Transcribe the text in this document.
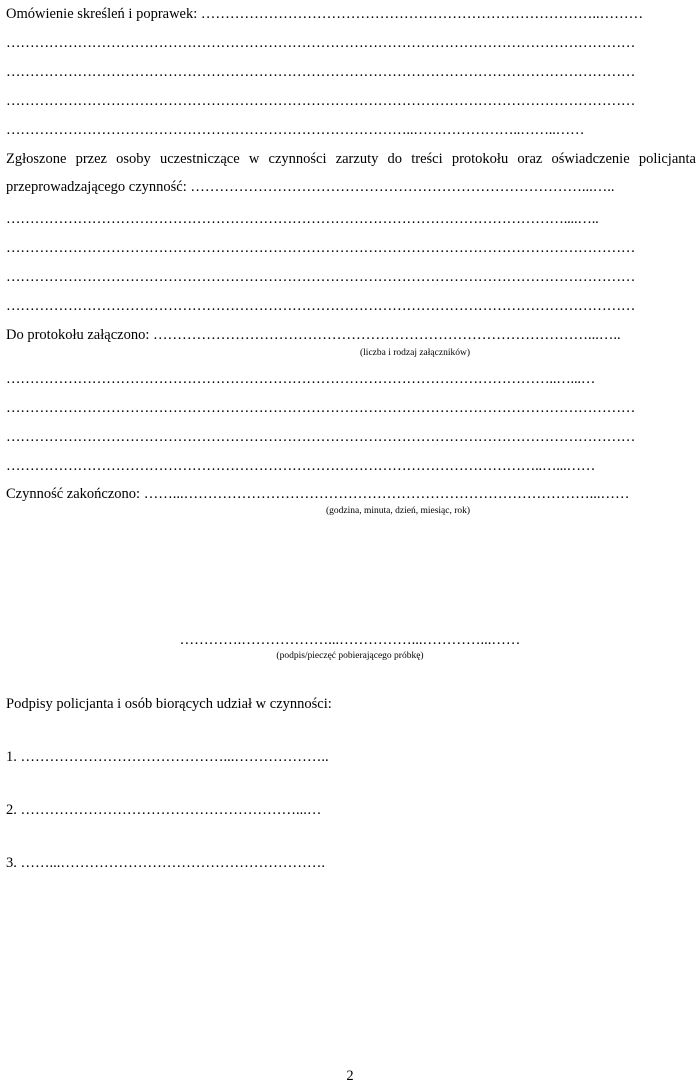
Omówienie skreśleń i poprawek: ………………………………………………………………………..………
……………………………………………………………………………………………………………………
……………………………………………………………………………………………………………………
……………………………………………………………………………………………………………………
…………………………………………………………………………..…………………..……..……
Zgłoszone przez osoby uczestniczące w czynności zarzuty do treści protokołu oraz oświadczenie policjanta
przeprowadzającego czynność: ………………………………………………………………………...…..
………………………………………………………………………………………………………....…..
……………………………………………………………………………………………………………………
……………………………………………………………………………………………………………………
……………………………………………………………………………………………………………………
Do protokołu załączono: ………………………………………………………………………………...…..
(liczba i rodzaj załączników)
……………………………………………………………………………………………………..…...…
……………………………………………………………………………………………………………………
……………………………………………………………………………………………………………………
…………………………………………………………………………………………………..…...……
Czynność zakończono: ……...…………………………………………………………………………...……
(godzina, minuta, dzień, miesiąc, rok)
………….………………...……………...…………...……
(podpis/pieczęć pobierającego próbkę)
Podpisy policjanta i osób biorących udział w czynności:
1. ……………………………………...………………..
2. …………………………………………………...…
3. ……...……………………………………………….
2
